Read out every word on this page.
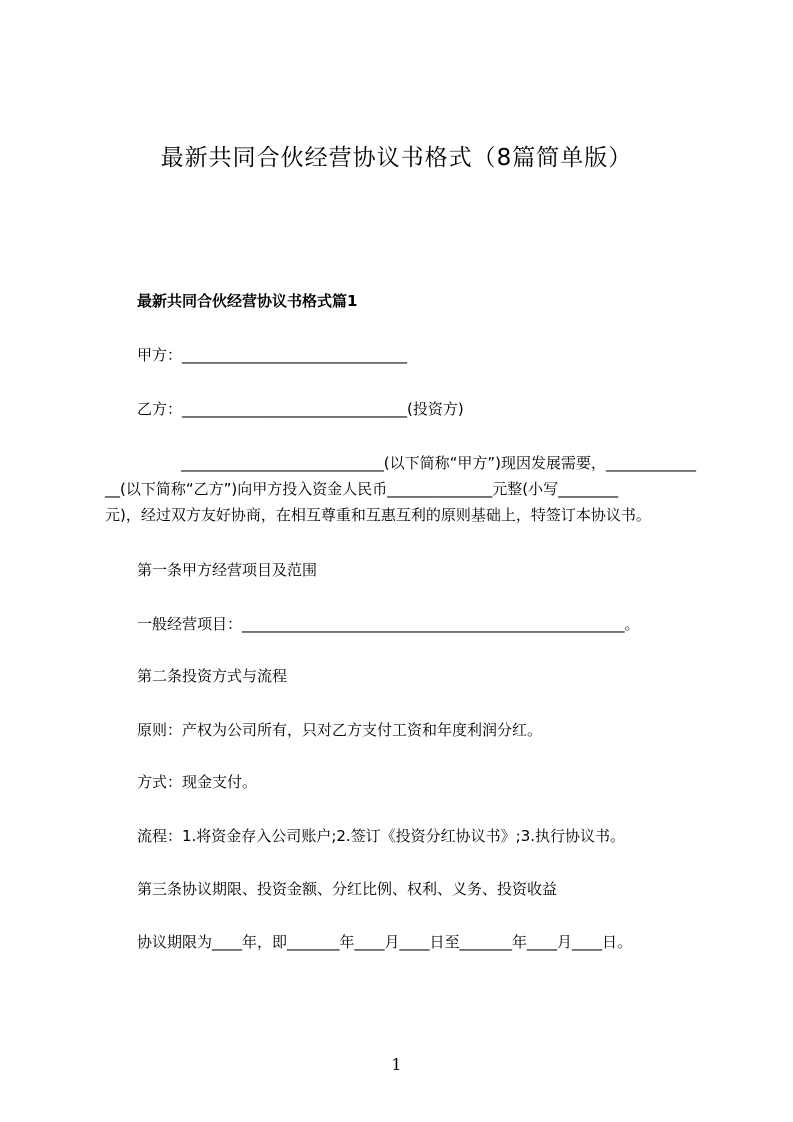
最新共同合伙经营协议书格式（8篇简单版）
最新共同合伙经营协议书格式篇1
甲方：______________________________
乙方：______________________________(投资方)
___________________________(以下简称“甲方”)现因发展需要，____________
__(以下简称“乙方”)向甲方投入资金人民币______________元整(小写________
元)，经过双方友好协商，在相互尊重和互惠互利的原则基础上，特签订本协议书。
第一条甲方经营项目及范围
一般经营项目：___________________________________________________。
第二条投资方式与流程
原则：产权为公司所有，只对乙方支付工资和年度利润分红。
方式：现金支付。
流程：1.将资金存入公司账户;2.签订《投资分红协议书》;3.执行协议书。
第三条协议期限、投资金额、分红比例、权利、义务、投资收益
协议期限为____年，即_______年____月____日至_______年____月____日。
1
